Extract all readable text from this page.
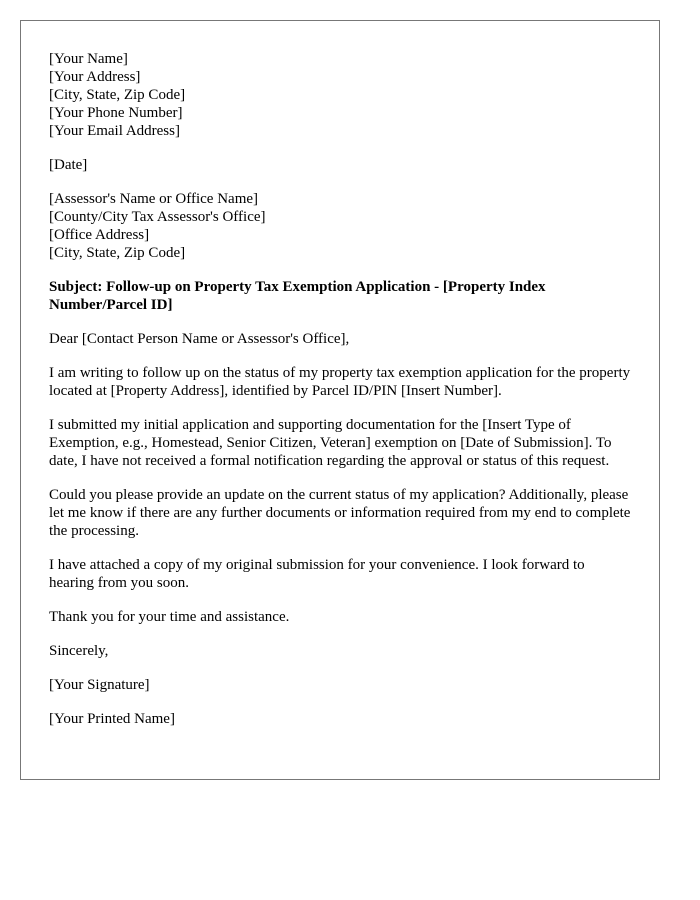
[Your Name]
[Your Address]
[City, State, Zip Code]
[Your Phone Number]
[Your Email Address]
[Date]
[Assessor's Name or Office Name]
[County/City Tax Assessor's Office]
[Office Address]
[City, State, Zip Code]

Subject: Follow-up on Property Tax Exemption Application - [Property Index Number/Parcel ID]

Dear [Contact Person Name or Assessor's Office],

I am writing to follow up on the status of my property tax exemption application for the property located at [Property Address], identified by Parcel ID/PIN [Insert Number].

I submitted my initial application and supporting documentation for the [Insert Type of Exemption, e.g., Homestead, Senior Citizen, Veteran] exemption on [Date of Submission]. To date, I have not received a formal notification regarding the approval or status of this request.

Could you please provide an update on the current status of my application? Additionally, please let me know if there are any further documents or information required from my end to complete the processing.

I have attached a copy of my original submission for your convenience. I look forward to hearing from you soon.

Thank you for your time and assistance.

Sincerely,

[Your Signature]

[Your Printed Name]
